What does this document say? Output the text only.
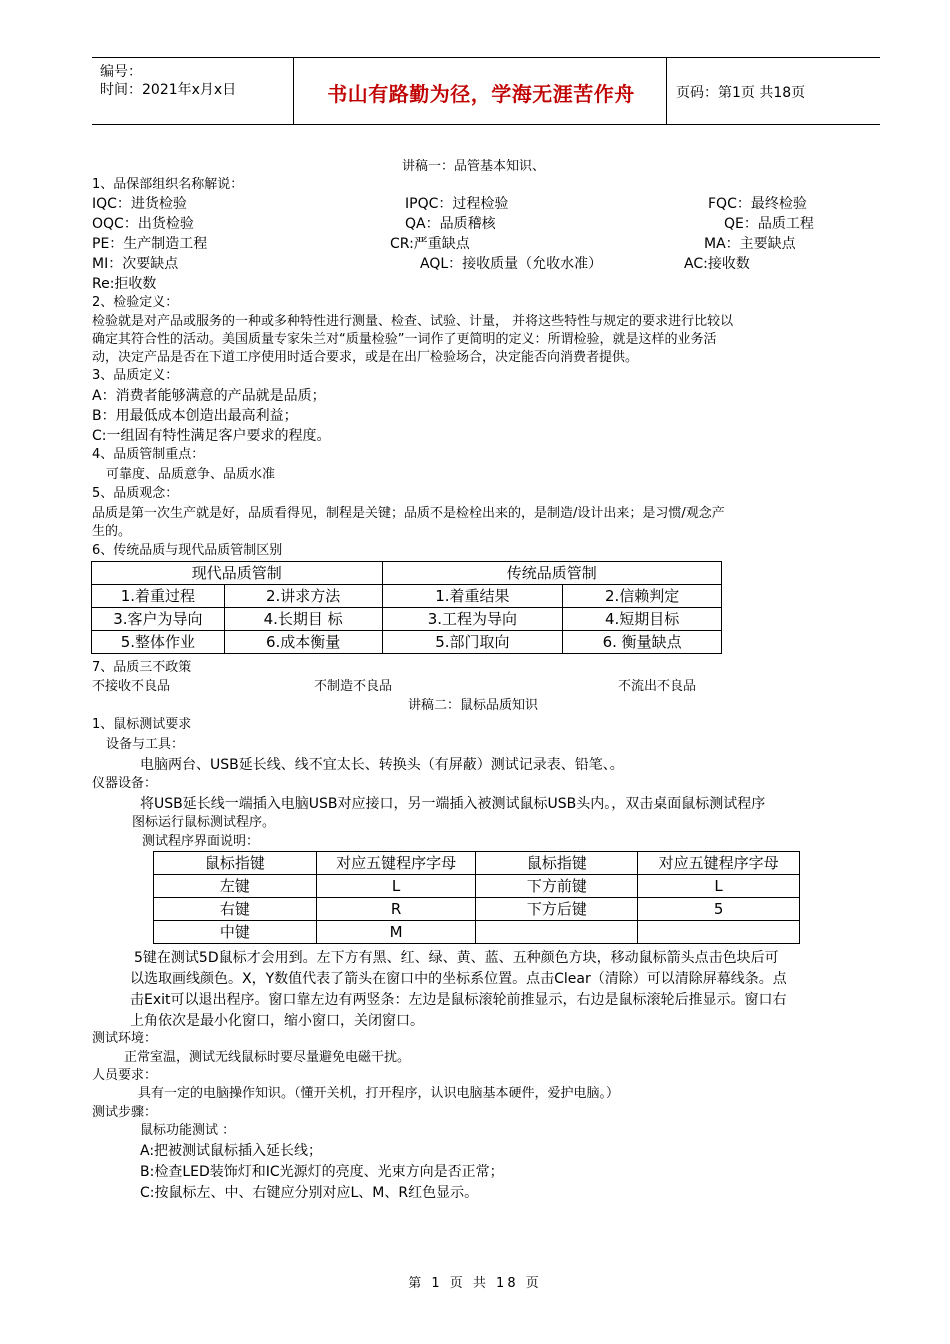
编号：
时间：2021年x月x日	书山有路勤为径，学海无涯苦作舟	页码：第1页 共18页
讲稿一：品管基本知识、
1、品保部组织名称解说：
IQC：进货检验	IPQC：过程检验	FQC：最终检验
OQC：出货检验	QA：品质稽核	QE：品质工程
PE：生产制造工程	CR:严重缺点	MA：主要缺点
MI：次要缺点	AQL：接收质量（允收水准）	AC:接收数
Re:拒收数
2、检验定义：
检验就是对产品或服务的一种或多种特性进行测量、检查、试验、计量， 并将这些特性与规定的要求进行比较以
确定其符合性的活动。美国质量专家朱兰对“质量检验”一词作了更简明的定义：所谓检验，就是这样的业务活
动，决定产品是否在下道工序使用时适合要求，或是在出厂检验场合，决定能否向消费者提供。
3、品质定义：
A：消费者能够满意的产品就是品质；
B：用最低成本创造出最高利益；
C:一组固有特性满足客户要求的程度。
4、品质管制重点：
可靠度、品质意争、品质水准
5、品质观念：
品质是第一次生产就是好，品质看得见，制程是关键；品质不是检栓出来的，是制造/设计出来；是习惯/观念产
生的。
6、传统品质与现代品质管制区别
现代品质管制		传统品质管制	
1.着重过程	2.讲求方法	1.着重结果	2.信赖判定
3.客户为导向	4.长期目 标	3.工程为导向	4.短期目标
5.整体作业	6.成本衡量	5.部门取向	6. 衡量缺点
7、品质三不政策
不接收不良品	不制造不良品	不流出不良品
讲稿二：鼠标品质知识
1、鼠标测试要求
设备与工具：
电脑两台、USB延长线、线不宜太长、转换头（有屏蔽）测试记录表、铅笔、。
仪器设备：
将USB延长线一端插入电脑USB对应接口，另一端插入被测试鼠标USB头内。，双击桌面鼠标测试程序
图标运行鼠标测试程序。
测试程序界面说明：
鼠标指键	对应五键程序字母	鼠标指键	对应五键程序字母
左键	L	下方前键	L
右键	R	下方后键	5
中键	M		
5键在测试5D鼠标才会用到。左下方有黑、红、绿、黄、蓝、五种颜色方块，移动鼠标箭头点击色块后可
以选取画线颜色。X，Y数值代表了箭头在窗口中的坐标系位置。点击Clear（清除）可以清除屏幕线条。点
击Exit可以退出程序。窗口靠左边有两竖条：左边是鼠标滚轮前推显示，右边是鼠标滚轮后推显示。窗口右
上角依次是最小化窗口，缩小窗口，关闭窗口。
测试环境：
正常室温，测试无线鼠标时要尽量避免电磁干扰。
人员要求：
具有一定的电脑操作知识。（懂开关机，打开程序，认识电脑基本硬件，爱护电脑。）
测试步骤：
鼠标功能测试 ：
A:把被测试鼠标插入延长线；
B:检查LED装饰灯和IC光源灯的亮度、光束方向是否正常；
C:按鼠标左、中、右键应分别对应L、M、R红色显示。
第 1 页 共 18 页
